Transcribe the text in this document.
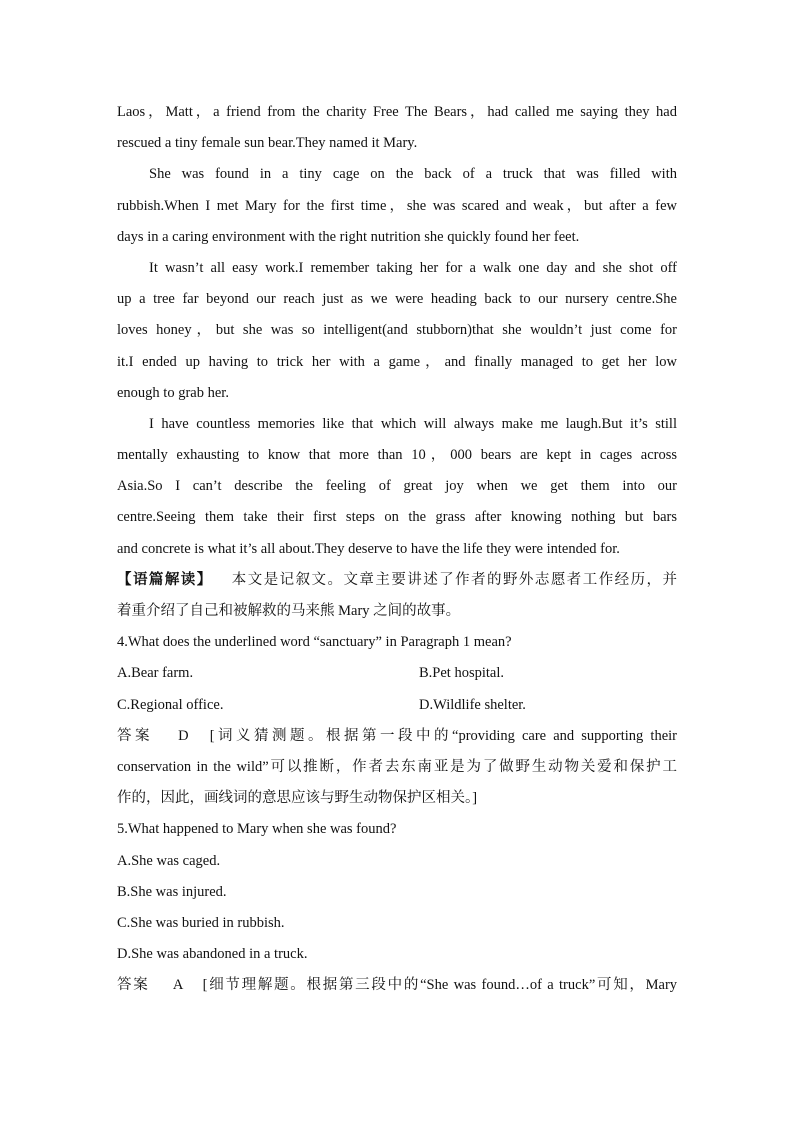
Laos，Matt，a friend from the charity Free The Bears，had called me saying they had
rescued a tiny female sun bear.They named it Mary.
She was found in a tiny cage on the back of a truck that was filled with
rubbish.When I met Mary for the first time，she was scared and weak，but after a few
days in a caring environment with the right nutrition she quickly found her feet.
It wasn’t all easy work.I remember taking her for a walk one day and she shot off
up a tree far beyond our reach just as we were heading back to our nursery centre.She
loves honey，but she was so intelligent(and stubborn)that she wouldn’t just come for
it.I ended up having to trick her with a game，and finally managed to get her low
enough to grab her.
I have countless memories like that which will always make me laugh.But it’s still
mentally exhausting to know that more than 10，000 bears are kept in cages across
Asia.So I can’t describe the feeling of great joy when we get them into our
centre.Seeing them take their first steps on the grass after knowing nothing but bars
and concrete is what it’s all about.They deserve to have the life they were intended for.
【语篇解读】 本文是记叙文。文章主要讲述了作者的野外志愿者工作经历，并
着重介绍了自己和被解救的马来熊 Mary 之间的故事。
4.What does the underlined word “sanctuary” in Paragraph 1 mean?
A.Bear farm.	B.Pet hospital.
C.Regional office.	D.Wildlife shelter.
答案 D [词义猜测题。根据第一段中的“providing care and supporting their
conservation in the wild”可以推断，作者去东南亚是为了做野生动物关爱和保护工
作的，因此，画线词的意思应该与野生动物保护区相关。]
5.What happened to Mary when she was found?
A.She was caged.
B.She was injured.
C.She was buried in rubbish.
D.She was abandoned in a truck.
答案 A [细节理解题。根据第三段中的“She was found…of a truck”可知，Mary
